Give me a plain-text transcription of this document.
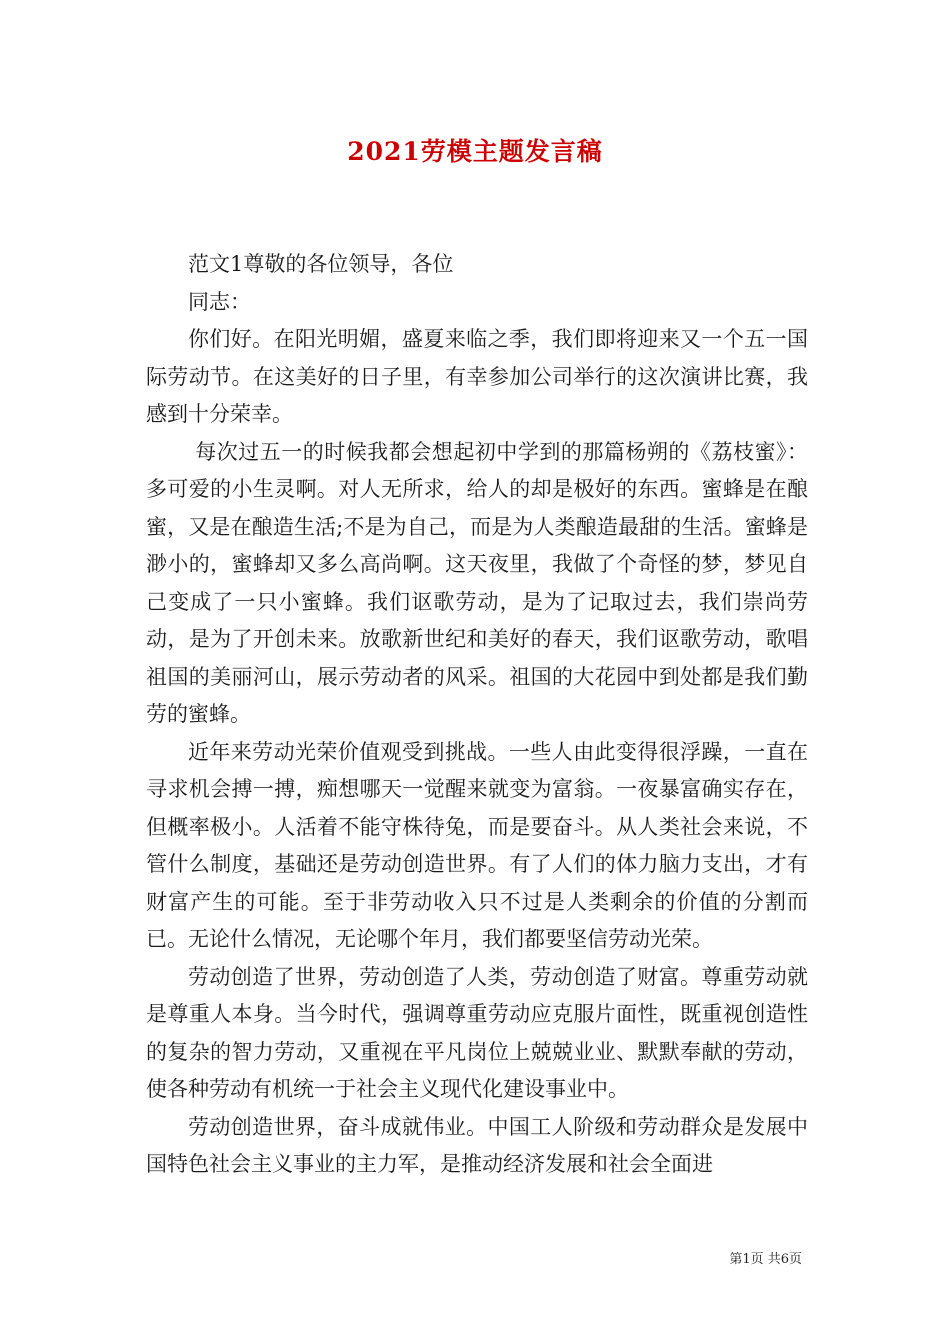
2021劳模主题发言稿

范文1尊敬的各位领导，各位

同志：

你们好。在阳光明媚，盛夏来临之季，我们即将迎来又一个五一国际劳动节。在这美好的日子里，有幸参加公司举行的这次演讲比赛，我感到十分荣幸。

每次过五一的时候我都会想起初中学到的那篇杨朔的《荔枝蜜》：多可爱的小生灵啊。对人无所求，给人的却是极好的东西。蜜蜂是在酿蜜，又是在酿造生活;不是为自己，而是为人类酿造最甜的生活。蜜蜂是渺小的，蜜蜂却又多么高尚啊。这天夜里，我做了个奇怪的梦，梦见自己变成了一只小蜜蜂。我们讴歌劳动，是为了记取过去，我们崇尚劳动，是为了开创未来。放歌新世纪和美好的春天，我们讴歌劳动，歌唱祖国的美丽河山，展示劳动者的风采。祖国的大花园中到处都是我们勤劳的蜜蜂。

近年来劳动光荣价值观受到挑战。一些人由此变得很浮躁，一直在寻求机会搏一搏，痴想哪天一觉醒来就变为富翁。一夜暴富确实存在，但概率极小。人活着不能守株待兔，而是要奋斗。从人类社会来说，不管什么制度，基础还是劳动创造世界。有了人们的体力脑力支出，才有财富产生的可能。至于非劳动收入只不过是人类剩余的价值的分割而已。无论什么情况，无论哪个年月，我们都要坚信劳动光荣。

劳动创造了世界，劳动创造了人类，劳动创造了财富。尊重劳动就是尊重人本身。当今时代，强调尊重劳动应克服片面性，既重视创造性的复杂的智力劳动，又重视在平凡岗位上兢兢业业、默默奉献的劳动，使各种劳动有机统一于社会主义现代化建设事业中。

劳动创造世界，奋斗成就伟业。中国工人阶级和劳动群众是发展中国特色社会主义事业的主力军，是推动经济发展和社会全面进

第1页 共6页
